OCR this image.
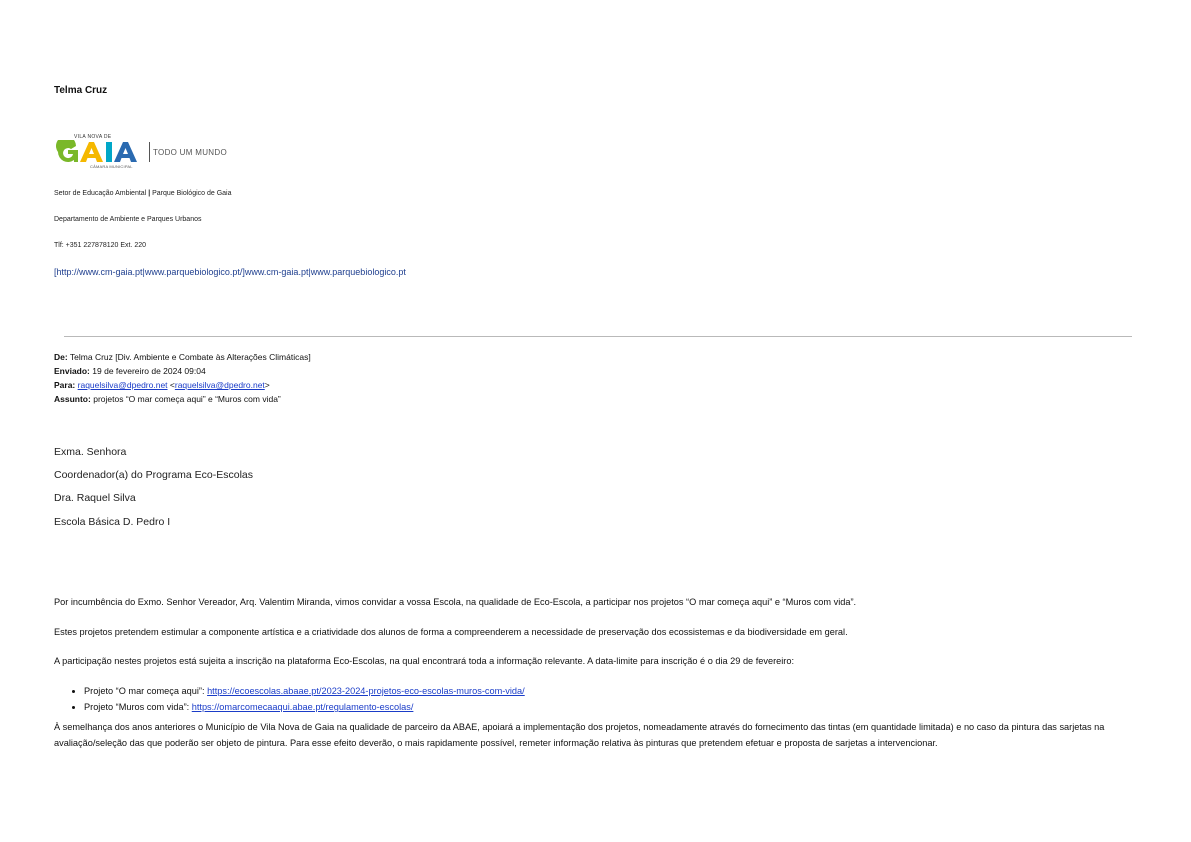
Telma Cruz
VILA NOVA DE
CÂMARA MUNICIPAL
TODO UM MUNDO
Setor de Educação Ambiental | Parque Biológico de Gaia
Departamento de Ambiente e Parques Urbanos
Tlf: +351 227878120 Ext. 220
[http://www.cm-gaia.pt|www.parquebiologico.pt/]www.cm-gaia.pt|www.parquebiologico.pt
De: Telma Cruz [Div. Ambiente e Combate às Alterações Climáticas]
Enviado: 19 de fevereiro de 2024 09:04
Para: raquelsilva@dpedro.net <raquelsilva@dpedro.net>
Assunto: projetos “O mar começa aqui” e “Muros com vida”
Exma. Senhora
Coordenador(a) do Programa Eco-Escolas
Dra. Raquel Silva
Escola Básica D. Pedro I
Por incumbência do Exmo. Senhor Vereador, Arq. Valentim Miranda, vimos convidar a vossa Escola, na qualidade de Eco-Escola, a participar nos projetos “O mar começa aqui” e “Muros com vida”.
Estes projetos pretendem estimular a componente artística e a criatividade dos alunos de forma a compreenderem a necessidade de preservação dos ecossistemas e da biodiversidade em geral.
A participação nestes projetos está sujeita a inscrição na plataforma Eco-Escolas, na qual encontrará toda a informação relevante. A data-limite para inscrição é o dia 29 de fevereiro:
• Projeto “O mar começa aqui”: https://ecoescolas.abaae.pt/2023-2024-projetos-eco-escolas-muros-com-vida/
• Projeto “Muros com vida”: https://omarcomecaaqui.abae.pt/regulamento-escolas/
À semelhança dos anos anteriores o Município de Vila Nova de Gaia na qualidade de parceiro da ABAE, apoiará a implementação dos projetos, nomeadamente através do fornecimento das tintas (em quantidade limitada) e no caso da pintura das sarjetas na avaliação/seleção das que poderão ser objeto de pintura. Para esse efeito deverão, o mais rapidamente possível, remeter informação relativa às pinturas que pretendem efetuar e proposta de sarjetas a intervencionar.
